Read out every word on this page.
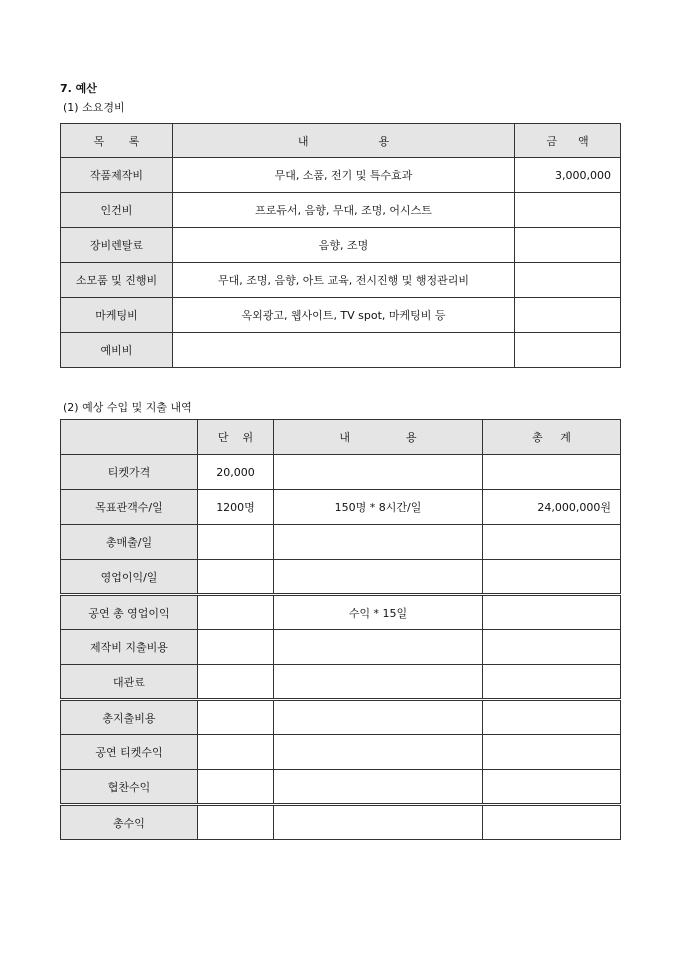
7. 예산
(1) 소요경비
목       록	내                    용	금      액
작품제작비	무대, 소품, 전기 및 특수효과	3,000,000
인건비	프로듀서, 음향, 무대, 조명, 어시스트	
장비렌탈료	음향, 조명	
소모품 및 진행비	무대, 조명, 음향, 아트 교육, 전시진행 및 행정관리비	
마케팅비	옥외광고, 웹사이트, TV spot, 마케팅비 등	
예비비		
(2) 예상 수입 및 지출 내역
	단    위	내                용	총     계
티켓가격	20,000		
목표관객수/일	1200명	150명 * 8시간/일	24,000,000원
총매출/일			
영업이익/일			
공연 총 영업이익		수익 * 15일	
제작비 지출비용			
대관료			
총지출비용			
공연 티켓수익			
협찬수익			
총수익			
